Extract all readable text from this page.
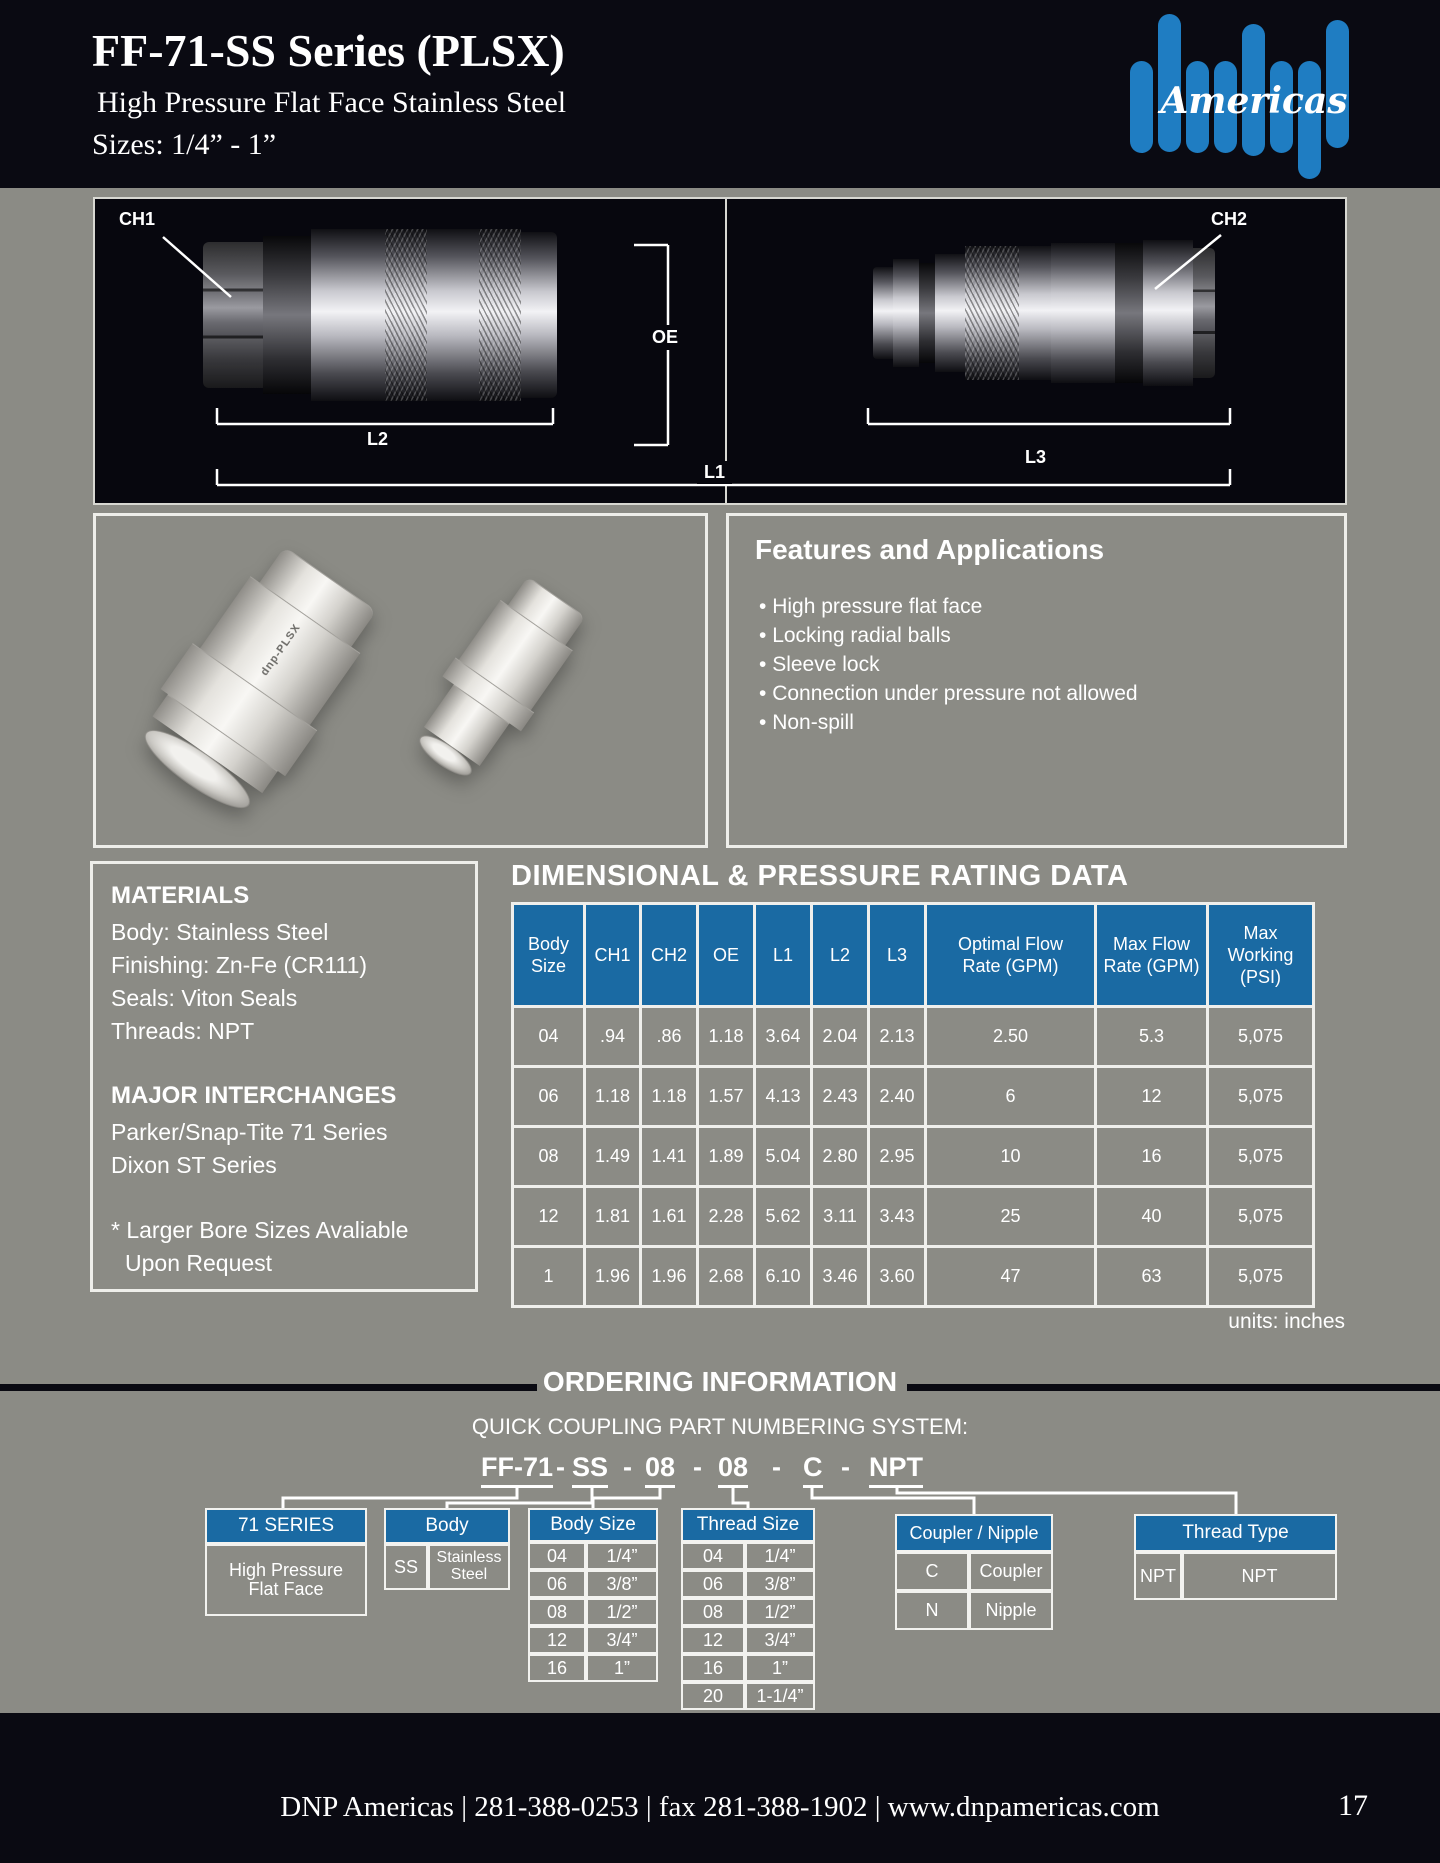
FF-71-SS Series (PLSX)
High Pressure Flat Face Stainless Steel
Sizes: 1/4” - 1”
Americas
CH1	CH2
OE
L2
L3
L1
dnp-PLSX
Features and Applications
• High pressure flat face
• Locking radial balls
• Sleeve lock
• Connection under pressure not allowed
• Non-spill
MATERIALS
Body: Stainless Steel
Finishing: Zn-Fe (CR111)
Seals: Viton Seals
Threads: NPT
MAJOR INTERCHANGES
Parker/Snap-Tite 71 Series
Dixon ST Series
* Larger Bore Sizes Avaliable
Upon Request
DIMENSIONAL & PRESSURE RATING DATA
Body Size	CH1	CH2	OE	L1	L2	L3	Optimal Flow Rate (GPM)	Max Flow Rate (GPM)	Max Working (PSI)
04	.94	.86	1.18	3.64	2.04	2.13	2.50	5.3	5,075
06	1.18	1.18	1.57	4.13	2.43	2.40	6	12	5,075
08	1.49	1.41	1.89	5.04	2.80	2.95	10	16	5,075
12	1.81	1.61	2.28	5.62	3.11	3.43	25	40	5,075
1	1.96	1.96	2.68	6.10	3.46	3.60	47	63	5,075
units: inches
ORDERING INFORMATION
QUICK COUPLING PART NUMBERING SYSTEM:
FF-71 - SS - 08 - 08 - C - NPT
71 SERIES
High Pressure Flat Face
Body
SS	Stainless Steel
Body Size
04	1/4”
06	3/8”
08	1/2”
12	3/4”
16	1”
Thread Size
04	1/4”
06	3/8”
08	1/2”
12	3/4”
16	1”
20	1-1/4”
Coupler / Nipple
C	Coupler
N	Nipple
Thread Type
NPT	NPT
DNP Americas | 281-388-0253 | fax 281-388-1902 | www.dnpamericas.com	17
